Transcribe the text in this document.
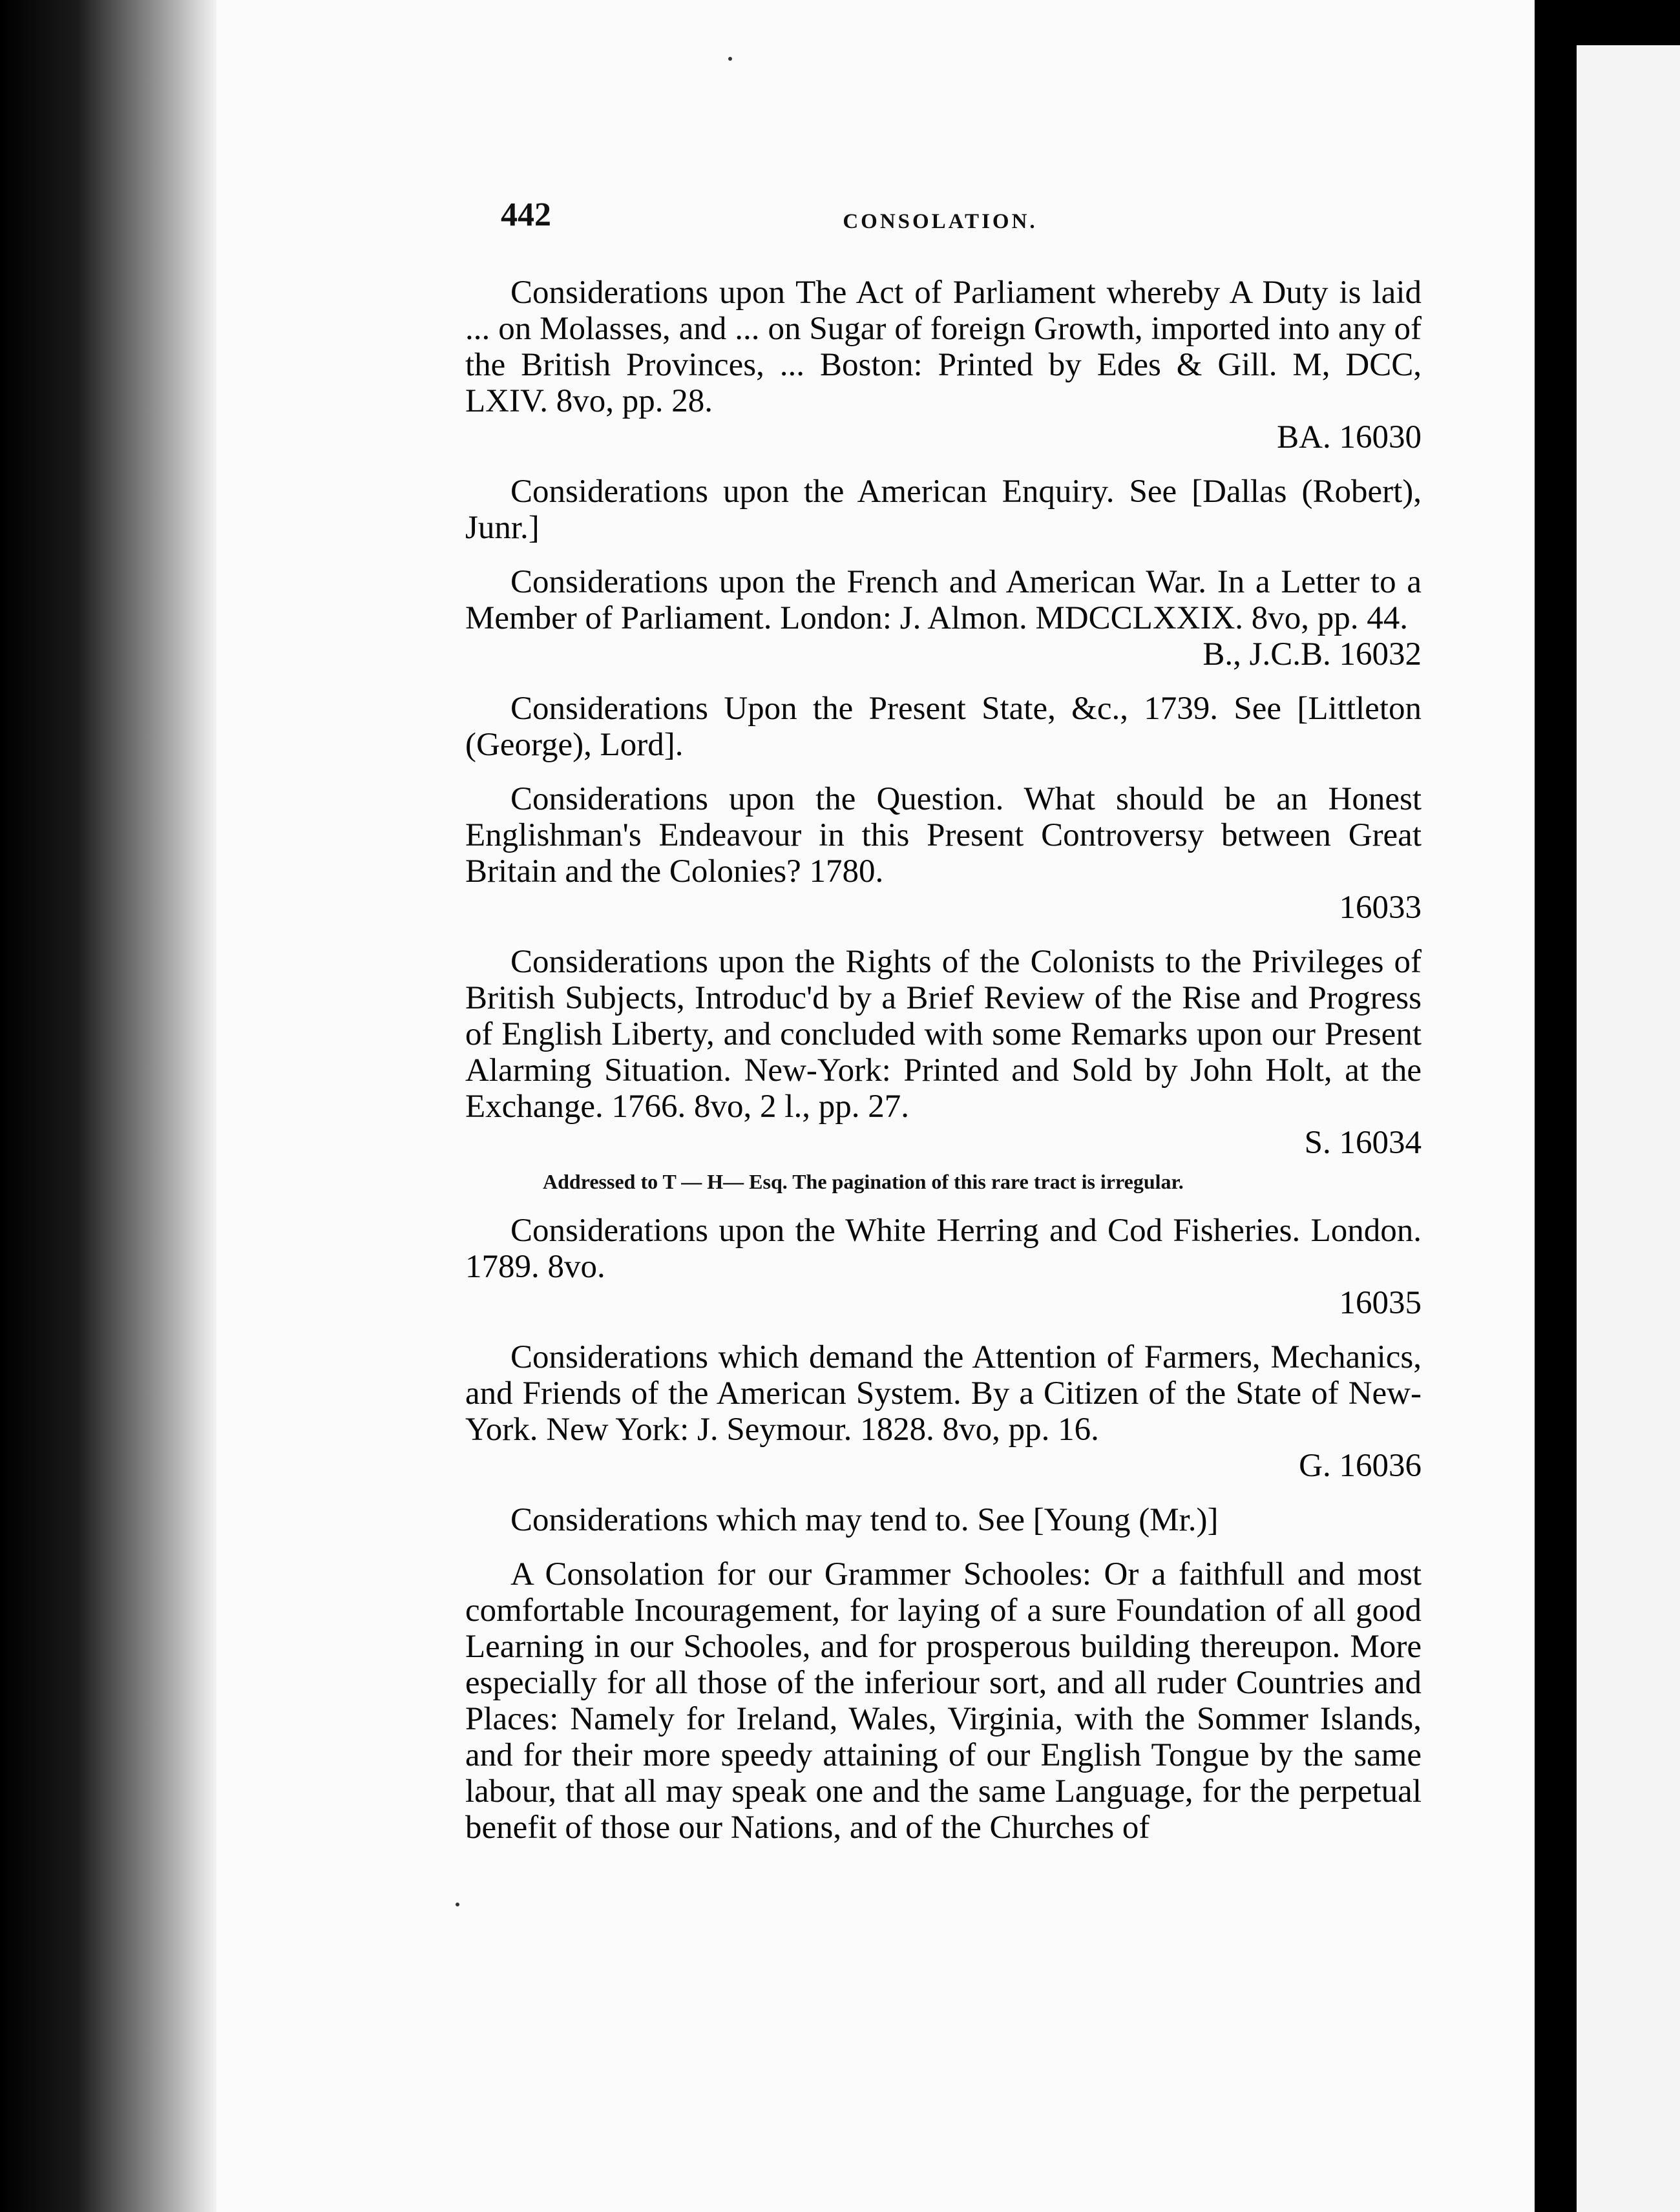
442	CONSOLATION.
Considerations upon The Act of Parliament whereby A Duty is laid ... on Molasses, and ... on Sugar of foreign Growth, imported into any of the British Provinces, ... Boston: Printed by Edes & Gill. M, DCC, LXIV. 8vo, pp. 28.
BA. 16030
Considerations upon the American Enquiry. See [Dallas (Robert), Junr.]
Considerations upon the French and American War. In a Letter to a Member of Parliament. London: J. Almon. MDCCLXXIX. 8vo, pp. 44.
B., J.C.B. 16032
Considerations Upon the Present State, &c., 1739. See [Littleton (George), Lord].
Considerations upon the Question. What should be an Honest Englishman's Endeavour in this Present Controversy between Great Britain and the Colonies? 1780.
16033
Considerations upon the Rights of the Colonists to the Privileges of British Subjects, Introduc'd by a Brief Review of the Rise and Progress of English Liberty, and concluded with some Remarks upon our Present Alarming Situation. New-York: Printed and Sold by John Holt, at the Exchange. 1766. 8vo, 2 l., pp. 27.
S. 16034
Addressed to T — H— Esq. The pagination of this rare tract is irregular.
Considerations upon the White Herring and Cod Fisheries. London. 1789. 8vo.
16035
Considerations which demand the Attention of Farmers, Mechanics, and Friends of the American System. By a Citizen of the State of New-York. New York: J. Seymour. 1828. 8vo, pp. 16.
G. 16036
Considerations which may tend to. See [Young (Mr.)]
A Consolation for our Grammer Schooles: Or a faithfull and most comfortable Incouragement, for laying of a sure Foundation of all good Learning in our Schooles, and for prosperous building thereupon. More especially for all those of the inferiour sort, and all ruder Countries and Places: Namely for Ireland, Wales, Virginia, with the Sommer Islands, and for their more speedy attaining of our English Tongue by the same labour, that all may speak one and the same Language, for the perpetual benefit of those our Nations, and of the Churches of
